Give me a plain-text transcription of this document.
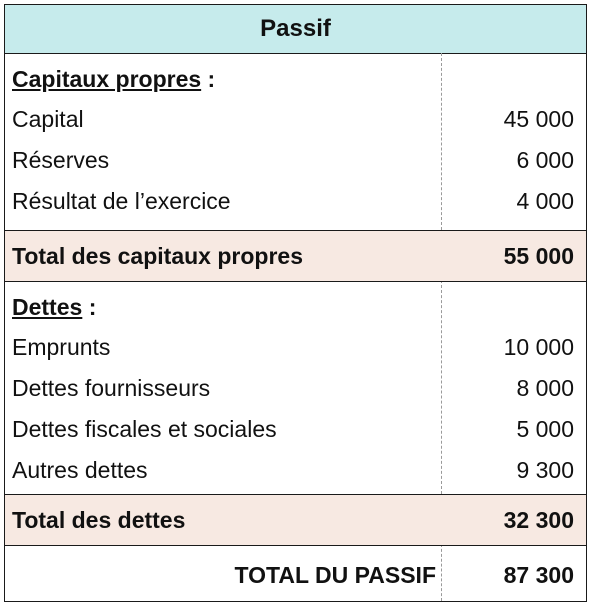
Passif
Capitaux propres :
Capital	45 000
Réserves	6 000
Résultat de l’exercice	4 000
Total des capitaux propres	55 000
Dettes :
Emprunts	10 000
Dettes fournisseurs	8 000
Dettes fiscales et sociales	5 000
Autres dettes	9 300
Total des dettes	32 300
TOTAL DU PASSIF	87 300
